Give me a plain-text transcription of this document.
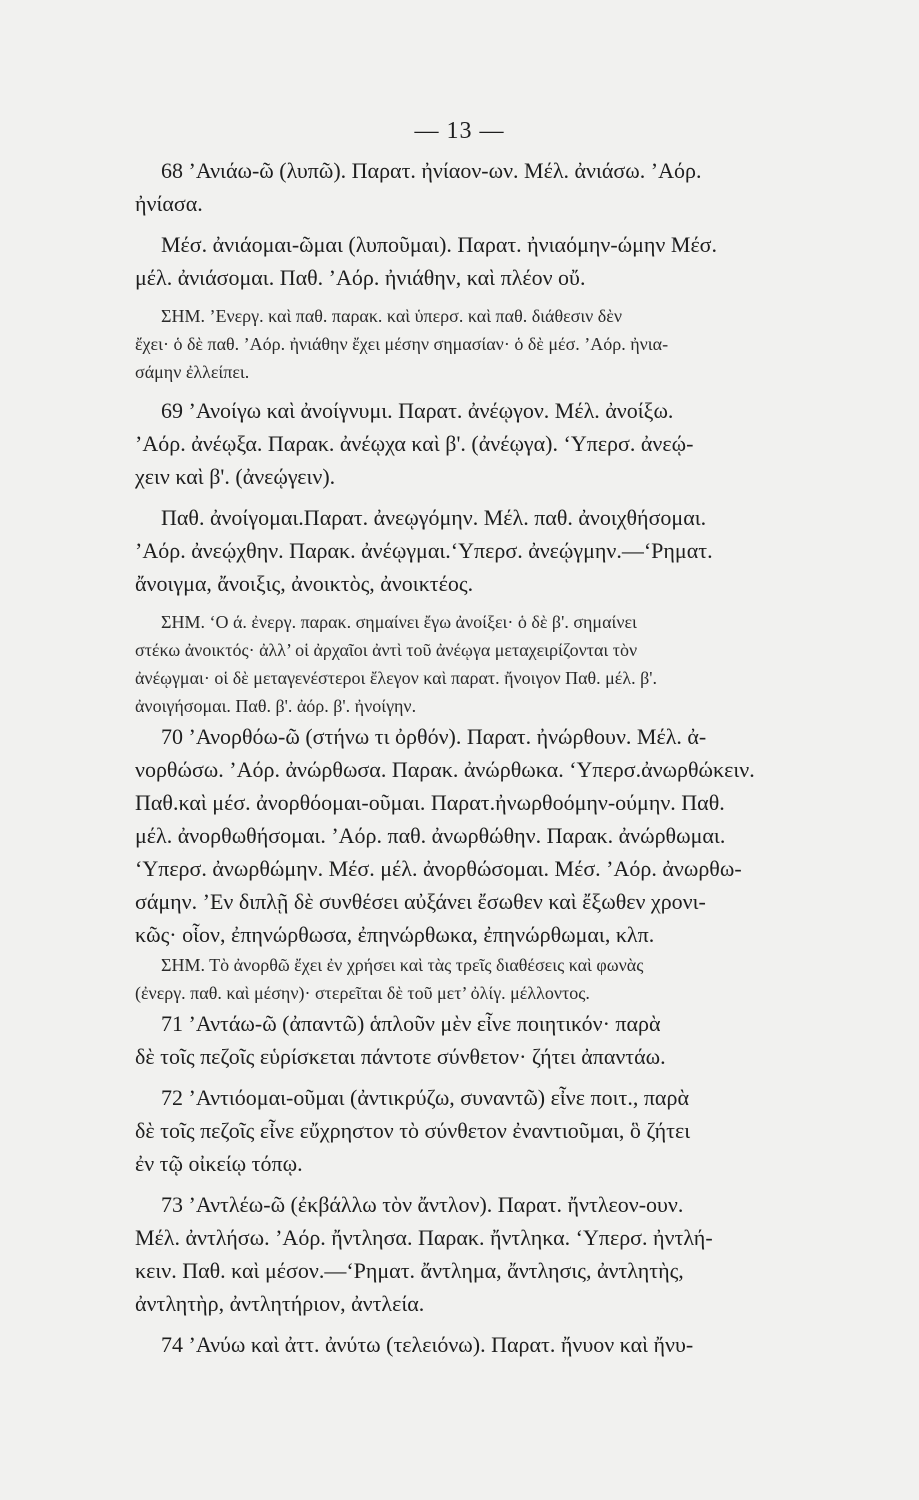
— 13 —
68 ’Ανιάω-ῶ (λυπῶ). Παρατ. ἠνίαον-ων. Μέλ. ἀνιάσω. ’Αόρ.
ἠνίασα.
Μέσ. ἀνιάομαι-ῶμαι (λυποῦμαι). Παρατ. ἠνιαόμην-ώμην Μέσ.
μέλ. ἀνιάσομαι. Παθ. ’Αόρ. ἠνιάθην, καὶ πλέον οὔ.
ΣΗΜ. ’Ενεργ. καὶ παθ. παρακ. καὶ ὑπερσ. καὶ παθ. διάθεσιν δὲν
ἔχει· ὁ δὲ παθ. ’Αόρ. ἠνιάθην ἔχει μέσην σημασίαν· ὁ δὲ μέσ. ’Αόρ. ἠνια-
σάμην ἐλλείπει.
69 ’Ανοίγω καὶ ἀνοίγνυμι. Παρατ. ἀνέῳγον. Μέλ. ἀνοίξω.
’Αόρ. ἀνέῳξα. Παρακ. ἀνέῳχα καὶ β'. (ἀνέῳγα). ‘Υπερσ. ἀνεῴ-
χειν καὶ β'. (ἀνεῴγειν).
Παθ. ἀνοίγομαι.Παρατ. ἀνεῳγόμην. Μέλ. παθ. ἀνοιχθήσομαι.
’Αόρ. ἀνεῴχθην. Παρακ. ἀνέῳγμαι.‘Υπερσ. ἀνεῴγμην.—‘Ρηματ.
ἄνοιγμα, ἄνοιξις, ἀνοικτὸς, ἀνοικτέος.
ΣΗΜ. ‘Ο ά. ἐνεργ. παρακ. σημαίνει ἔγω ἀνοίξει· ὁ δὲ β'. σημαίνει
στέκω ἀνοικτός· ἀλλ’ οἱ ἀρχαῖοι ἀντὶ τοῦ ἀνέῳγα μεταχειρίζονται τὸν
ἀνέῳγμαι· οἱ δὲ μεταγενέστεροι ἔλεγον καὶ παρατ. ἤνοιγον Παθ. μέλ. β'.
ἀνοιγήσομαι. Παθ. β'. ἀόρ. β'. ἠνοίγην.
70 ’Ανορθόω-ῶ (στήνω τι ὀρθόν). Παρατ. ἠνώρθουν. Μέλ. ἀ-
νορθώσω. ’Αόρ. ἀνώρθωσα. Παρακ. ἀνώρθωκα. ‘Υπερσ.ἀνωρθώκειν.
Παθ.καὶ μέσ. ἀνορθόομαι-οῦμαι. Παρατ.ἠνωρθοόμην-ούμην. Παθ.
μέλ. ἀνορθωθήσομαι. ’Αόρ. παθ. ἀνωρθώθην. Παρακ. ἀνώρθωμαι.
‘Υπερσ. ἀνωρθώμην. Μέσ. μέλ. ἀνορθώσομαι. Μέσ. ’Αόρ. ἀνωρθω-
σάμην. ’Εν διπλῇ δὲ συνθέσει αὐξάνει ἔσωθεν καὶ ἔξωθεν χρονι-
κῶς· οἷον, ἐπηνώρθωσα, ἐπηνώρθωκα, ἐπηνώρθωμαι, κλπ.
ΣΗΜ. Τὸ ἀνορθῶ ἔχει ἐν χρήσει καὶ τὰς τρεῖς διαθέσεις καὶ φωνὰς
(ἐνεργ. παθ. καὶ μέσην)· στερεῖται δὲ τοῦ μετ’ ὀλίγ. μέλλοντος.
71 ’Αντάω-ῶ (ἀπαντῶ) ἁπλοῦν μὲν εἶνε ποιητικόν· παρὰ
δὲ τοῖς πεζοῖς εὑρίσκεται πάντοτε σύνθετον· ζήτει ἀπαντάω.
72 ’Αντιόομαι-οῦμαι (ἀντικρύζω, συναντῶ) εἶνε ποιτ., παρὰ
δὲ τοῖς πεζοῖς εἶνε εὔχρηστον τὸ σύνθετον ἐναντιοῦμαι, ὃ ζήτει
ἐν τῷ οἰκείῳ τόπῳ.
73 ’Αντλέω-ῶ (ἐκβάλλω τὸν ἄντλον). Παρατ. ἤντλεον-ουν.
Μέλ. ἀντλήσω. ’Αόρ. ἤντλησα. Παρακ. ἤντληκα. ‘Υπερσ. ἠντλή-
κειν. Παθ. καὶ μέσον.—‘Ρηματ. ἄντλημα, ἄντλησις, ἀντλητὴς,
ἀντλητὴρ, ἀντλητήριον, ἀντλεία.
74 ’Ανύω καὶ ἀττ. ἀνύτω (τελειόνω). Παρατ. ἤνυον καὶ ἤνυ-
